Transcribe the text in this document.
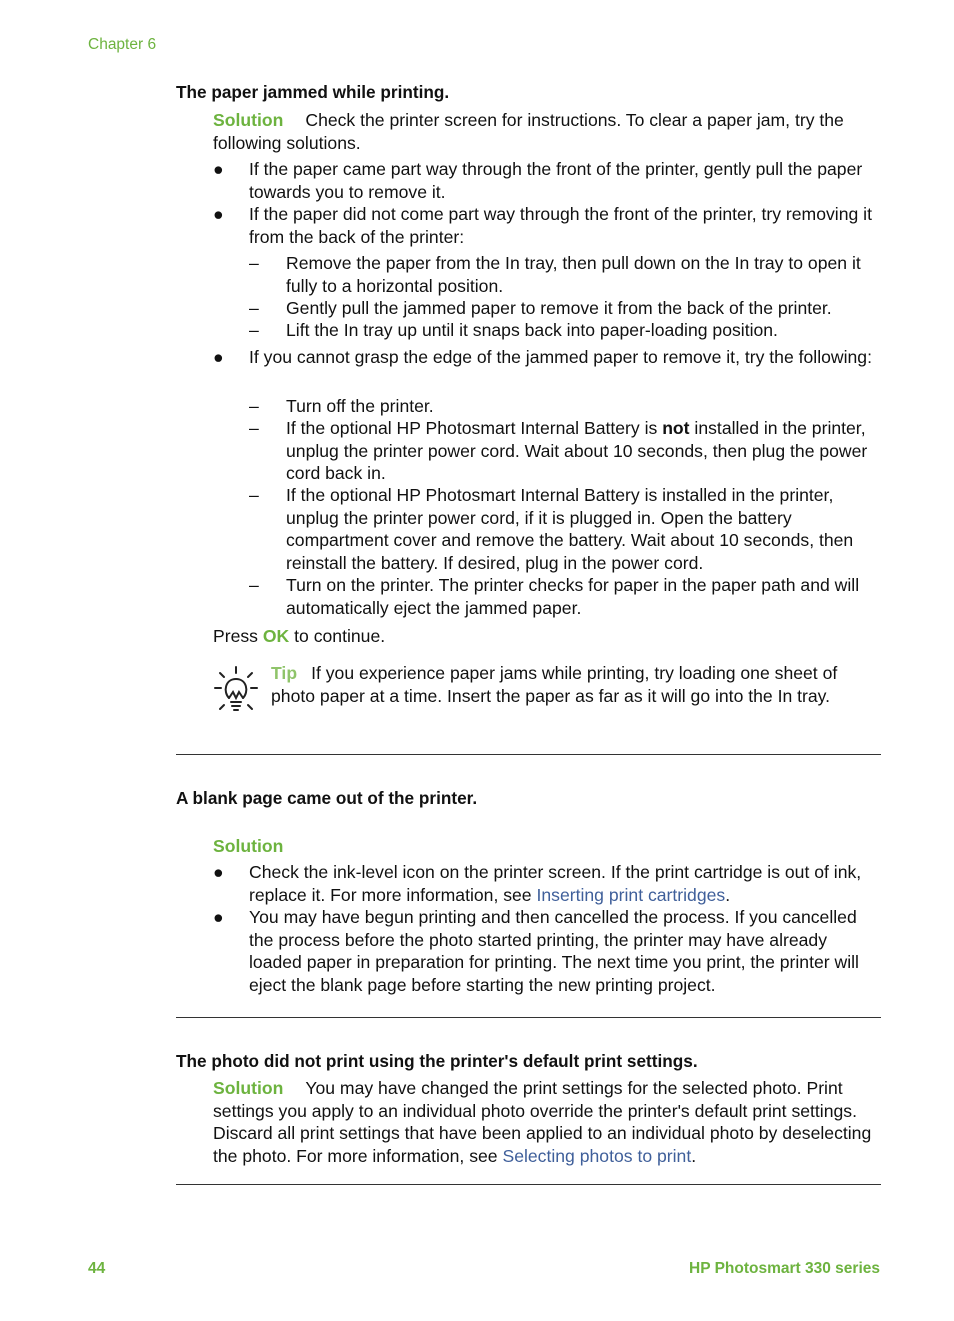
Chapter 6
The paper jammed while printing.
Solution Check the printer screen for instructions. To clear a paper jam, try the following solutions.
●	If the paper came part way through the front of the printer, gently pull the paper towards you to remove it.
●	If the paper did not come part way through the front of the printer, try removing it from the back of the printer:
–	Remove the paper from the In tray, then pull down on the In tray to open it fully to a horizontal position.
–	Gently pull the jammed paper to remove it from the back of the printer.
–	Lift the In tray up until it snaps back into paper-loading position.
●	If you cannot grasp the edge of the jammed paper to remove it, try the following:
–	Turn off the printer.
–	If the optional HP Photosmart Internal Battery is not installed in the printer, unplug the printer power cord. Wait about 10 seconds, then plug the power cord back in.
–	If the optional HP Photosmart Internal Battery is installed in the printer, unplug the printer power cord, if it is plugged in. Open the battery compartment cover and remove the battery. Wait about 10 seconds, then reinstall the battery. If desired, plug in the power cord.
–	Turn on the printer. The printer checks for paper in the paper path and will automatically eject the jammed paper.
Press OK to continue.
Tip If you experience paper jams while printing, try loading one sheet of photo paper at a time. Insert the paper as far as it will go into the In tray.
A blank page came out of the printer.
Solution
●	Check the ink-level icon on the printer screen. If the print cartridge is out of ink, replace it. For more information, see Inserting print cartridges.
●	You may have begun printing and then cancelled the process. If you cancelled the process before the photo started printing, the printer may have already loaded paper in preparation for printing. The next time you print, the printer will eject the blank page before starting the new printing project.
The photo did not print using the printer's default print settings.
Solution You may have changed the print settings for the selected photo. Print settings you apply to an individual photo override the printer's default print settings. Discard all print settings that have been applied to an individual photo by deselecting the photo. For more information, see Selecting photos to print.
44	HP Photosmart 330 series
